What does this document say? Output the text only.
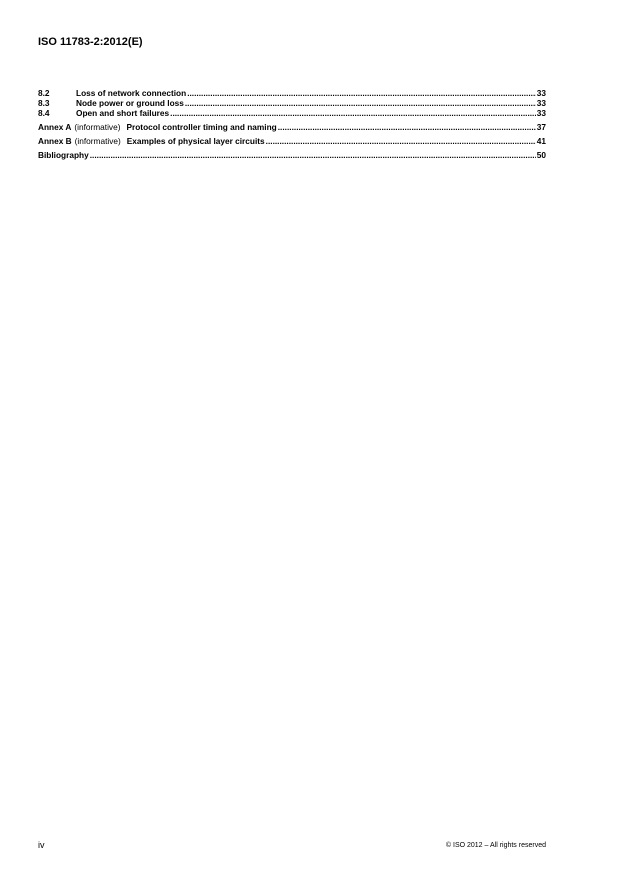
ISO 11783-2:2012(E)
8.2	Loss of network connection .....	33
8.3	Node power or ground loss .....	33
8.4	Open and short failures .....	33
Annex A (informative) Protocol controller timing and naming .....	37
Annex B (informative) Examples of physical layer circuits .....	41
Bibliography .....	50
iv	© ISO 2012 – All rights reserved
